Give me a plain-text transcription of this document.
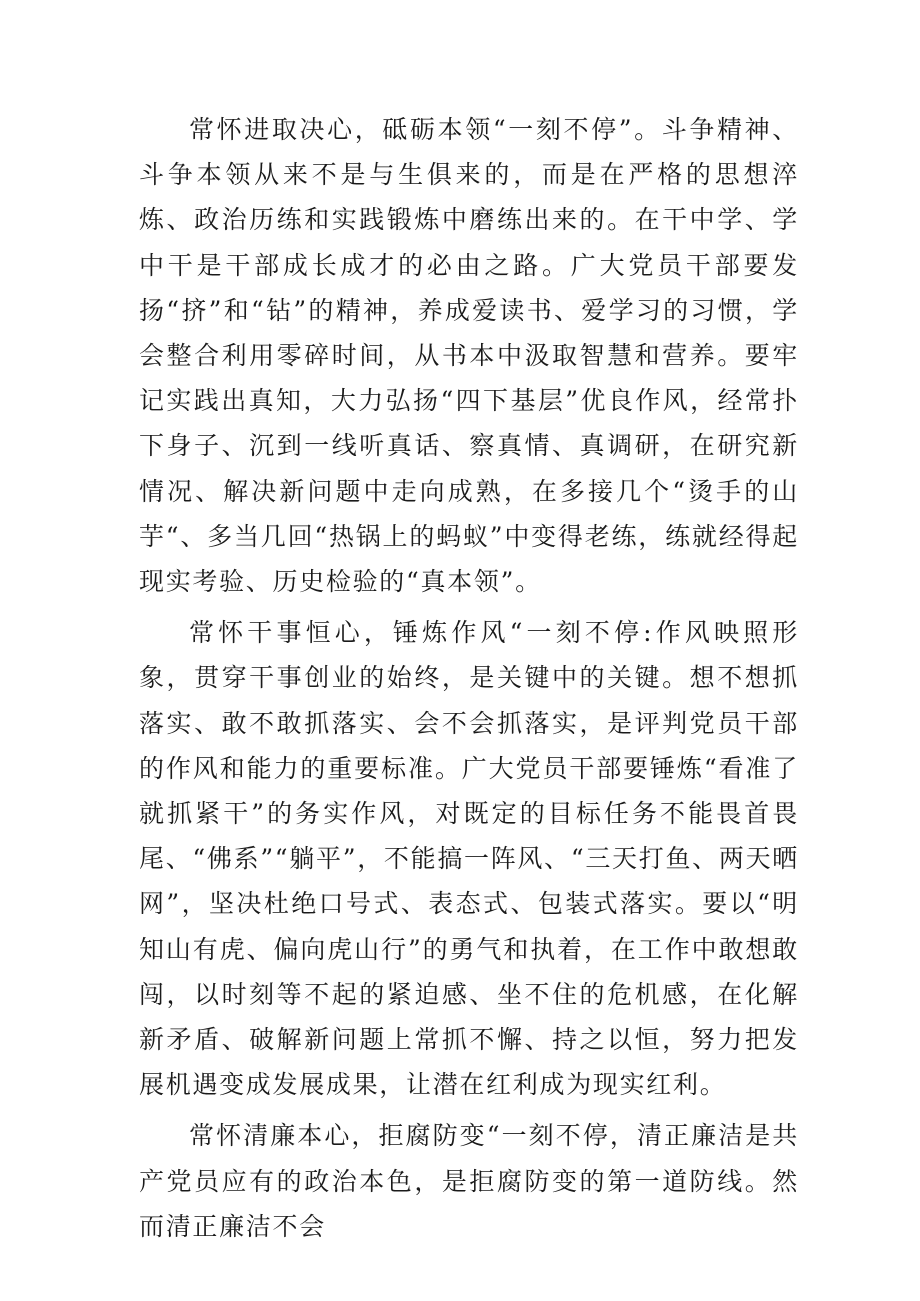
常怀进取决心，砥砺本领“一刻不停”。斗争精神、斗争本领从来不是与生俱来的，而是在严格的思想淬炼、政治历练和实践锻炼中磨练出来的。在干中学、学中干是干部成长成才的必由之路。广大党员干部要发扬“挤”和“钻”的精神，养成爱读书、爱学习的习惯，学会整合利用零碎时间，从书本中汲取智慧和营养。要牢记实践出真知，大力弘扬“四下基层”优良作风，经常扑下身子、沉到一线听真话、察真情、真调研，在研究新情况、解决新问题中走向成熟，在多接几个“烫手的山芋“、多当几回“热锅上的蚂蚁”中变得老练，练就经得起现实考验、历史检验的“真本领”。

常怀干事恒心，锤炼作风“一刻不停:作风映照形象，贯穿干事创业的始终，是关键中的关键。想不想抓落实、敢不敢抓落实、会不会抓落实，是评判党员干部的作风和能力的重要标准。广大党员干部要锤炼“看准了就抓紧干”的务实作风，对既定的目标任务不能畏首畏尾、“佛系”“躺平”，不能搞一阵风、“三天打鱼、两天晒网”，坚决杜绝口号式、表态式、包装式落实。要以“明知山有虎、偏向虎山行”的勇气和执着，在工作中敢想敢闯，以时刻等不起的紧迫感、坐不住的危机感，在化解新矛盾、破解新问题上常抓不懈、持之以恒，努力把发展机遇变成发展成果，让潜在红利成为现实红利。

常怀清廉本心，拒腐防变“一刻不停，清正廉洁是共产党员应有的政治本色，是拒腐防变的第一道防线。然而清正廉洁不会
